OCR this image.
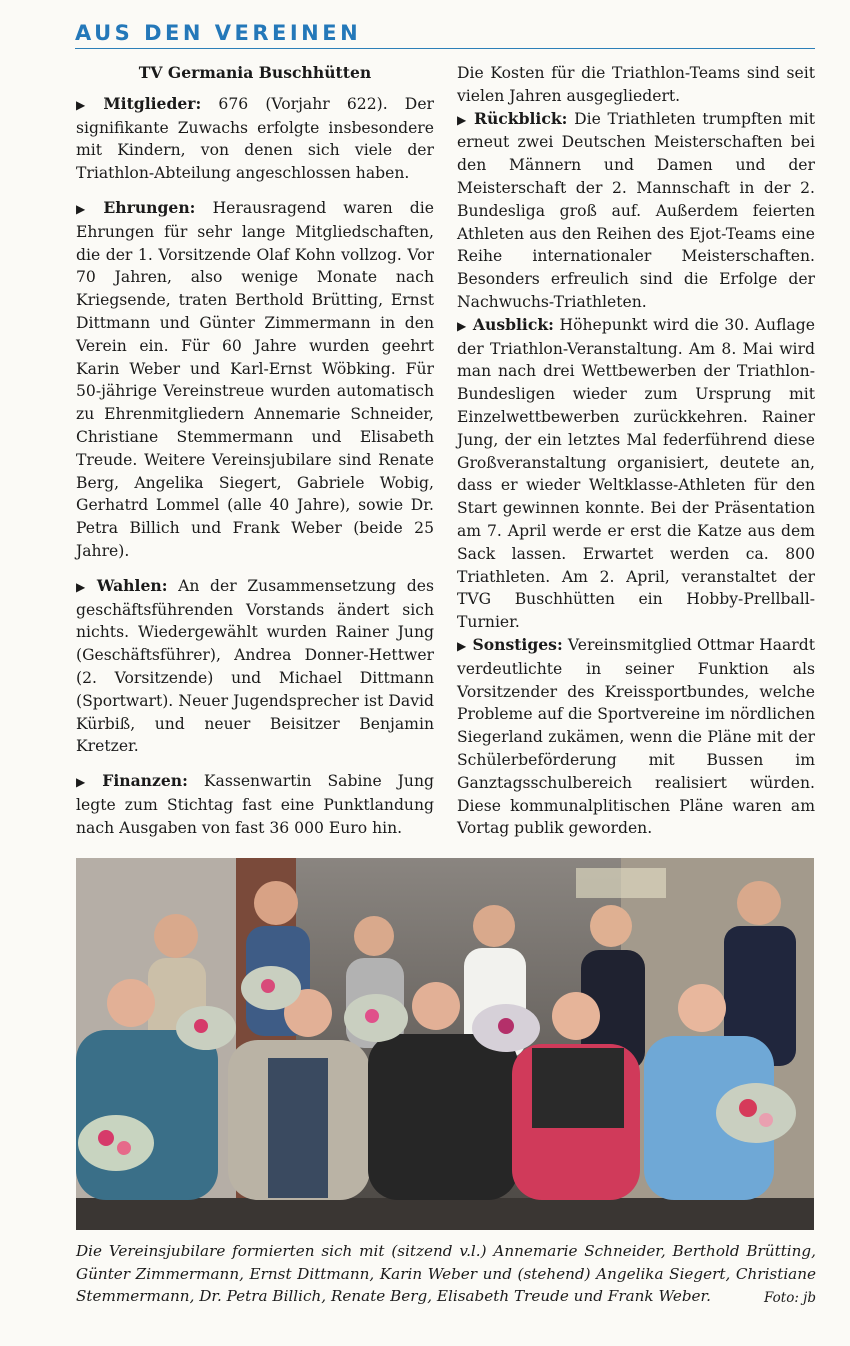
AUS DEN VEREINEN
TV Germania Buschhütten

▶ Mitglieder: 676 (Vorjahr 622). Der signifikante Zuwachs erfolgte insbesondere mit Kindern, von denen sich viele der Triathlon-Abteilung angeschlossen haben.

▶ Ehrungen: Herausragend waren die Ehrungen für sehr lange Mitgliedschaften, die der 1. Vorsitzende Olaf Kohn vollzog. Vor 70 Jahren, also wenige Monate nach Kriegsende, traten Berthold Brütting, Ernst Dittmann und Günter Zimmermann in den Verein ein. Für 60 Jahre wurden geehrt Karin Weber und Karl-Ernst Wöbking. Für 50-jährige Vereinstreue wurden automatisch zu Ehrenmitgliedern Annemarie Schneider, Christiane Stemmermann und Elisabeth Treude. Weitere Vereinsjubilare sind Renate Berg, Angelika Siegert, Gabriele Wobig, Gerhatrd Lommel (alle 40 Jahre), sowie Dr. Petra Billich und Frank Weber (beide 25 Jahre).

▶ Wahlen: An der Zusammensetzung des geschäftsführenden Vorstands ändert sich nichts. Wiedergewählt wurden Rainer Jung (Geschäftsführer), Andrea Donner-Hettwer (2. Vorsitzende) und Michael Dittmann (Sportwart). Neuer Jugendsprecher ist David Kürbiß, und neuer Beisitzer Benjamin Kretzer.

▶ Finanzen: Kassenwartin Sabine Jung legte zum Stichtag fast eine Punktlandung nach Ausgaben von fast 36 000 Euro hin.

Die Kosten für die Triathlon-Teams sind seit vielen Jahren ausgegliedert.

▶ Rückblick: Die Triathleten trumpften mit erneut zwei Deutschen Meisterschaften bei den Männern und Damen und der Meisterschaft der 2. Mannschaft in der 2. Bundesliga groß auf. Außerdem feierten Athleten aus den Reihen des Ejot-Teams eine Reihe internationaler Meisterschaften. Besonders erfreulich sind die Erfolge der Nachwuchs-Triathleten.

▶ Ausblick: Höhepunkt wird die 30. Auflage der Triathlon-Veranstaltung. Am 8. Mai wird man nach drei Wettbewerben der Triathlon-Bundesligen wieder zum Ursprung mit Einzelwettbewerben zurückkehren. Rainer Jung, der ein letztes Mal federführend diese Großveranstaltung organisiert, deutete an, dass er wieder Weltklasse-Athleten für den Start gewinnen konnte. Bei der Präsentation am 7. April werde er erst die Katze aus dem Sack lassen. Erwartet werden ca. 800 Triathleten. Am 2. April, veranstaltet der TVG Buschhütten ein Hobby-Prellball-Turnier.

▶ Sonstiges: Vereinsmitglied Ottmar Haardt verdeutlichte in seiner Funktion als Vorsitzender des Kreissportbundes, welche Probleme auf die Sportvereine im nördlichen Siegerland zukämen, wenn die Pläne mit der Schülerbeförderung mit Bussen im Ganztagsschulbereich realisiert würden. Diese kommunalplitischen Pläne waren am Vortag publik geworden.

Die Vereinsjubilare formierten sich mit (sitzend v.l.) Annemarie Schneider, Berthold Brütting, Günter Zimmermann, Ernst Dittmann, Karin Weber und (stehend) Angelika Siegert, Christiane Stemmermann, Dr. Petra Billich, Renate Berg, Elisabeth Treude und Frank Weber.	Foto: jb
